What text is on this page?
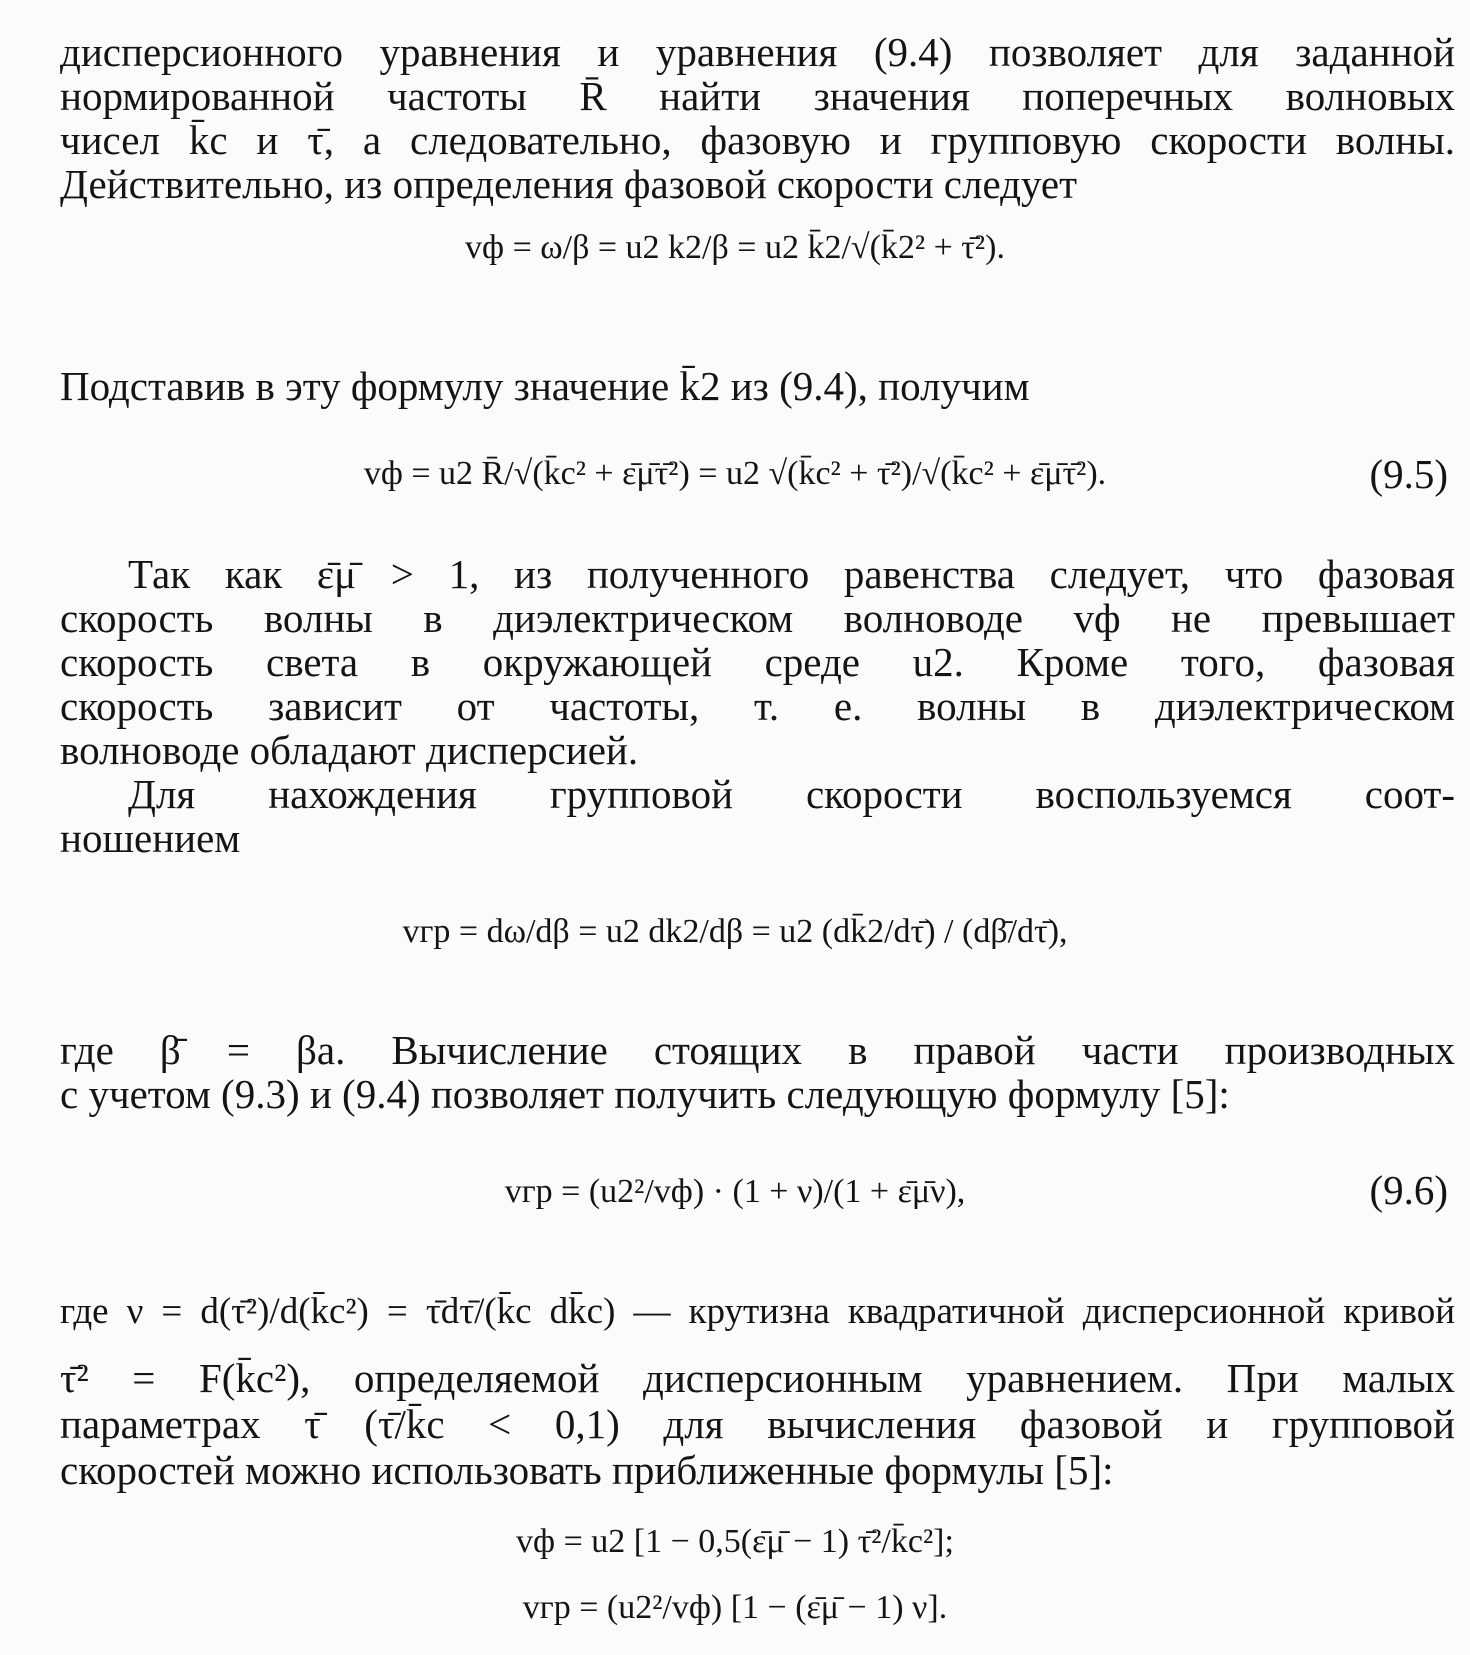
дисперсионного уравнения и уравнения (9.4) позволяет для заданной
нормированной частоты R̄ найти значения поперечных волновых
чисел k̄c и τ̄, а следовательно, фазовую и групповую скорости волны.
Действительно, из определения фазовой скорости следует
vф = ω/β = u2 k2/β = u2 k̄2/√(k̄2² + τ̄²).
Подставив в эту формулу значение k̄2 из (9.4), получим
vф = u2 R̄/√(k̄c² + ε̄μ̄τ̄²) = u2 √(k̄c² + τ̄²)/√(k̄c² + ε̄μ̄τ̄²).	(9.5)
Так как ε̄μ̄ > 1, из полученного равенства следует, что фазовая
скорость волны в диэлектрическом волноводе vф не превышает
скорость света в окружающей среде u2. Кроме того, фазовая
скорость зависит от частоты, т. е. волны в диэлектрическом
волноводе обладают дисперсией.
Для нахождения групповой скорости воспользуемся соот-
ношением
vгр = dω/dβ = u2 dk2/dβ = u2 (dk̄2/dτ̄) / (dβ̄/dτ̄),
где β̄ = βa. Вычисление стоящих в правой части производных
с учетом (9.3) и (9.4) позволяет получить следующую формулу [5]:
vгр = (u2²/vф) · (1 + ν)/(1 + ε̄μ̄ν),	(9.6)
где ν = d(τ̄²)/d(k̄c²) = τ̄dτ̄/(k̄c dk̄c) — крутизна квадратичной дисперсионной кривой
τ̄² = F(k̄c²), определяемой дисперсионным уравнением. При малых
параметрах τ̄ (τ̄/k̄c < 0,1) для вычисления фазовой и групповой
скоростей можно использовать приближенные формулы [5]:
vф = u2 [1 − 0,5(ε̄μ̄ − 1) τ̄²/k̄c²];
vгр = (u2²/vф) [1 − (ε̄μ̄ − 1) ν].
